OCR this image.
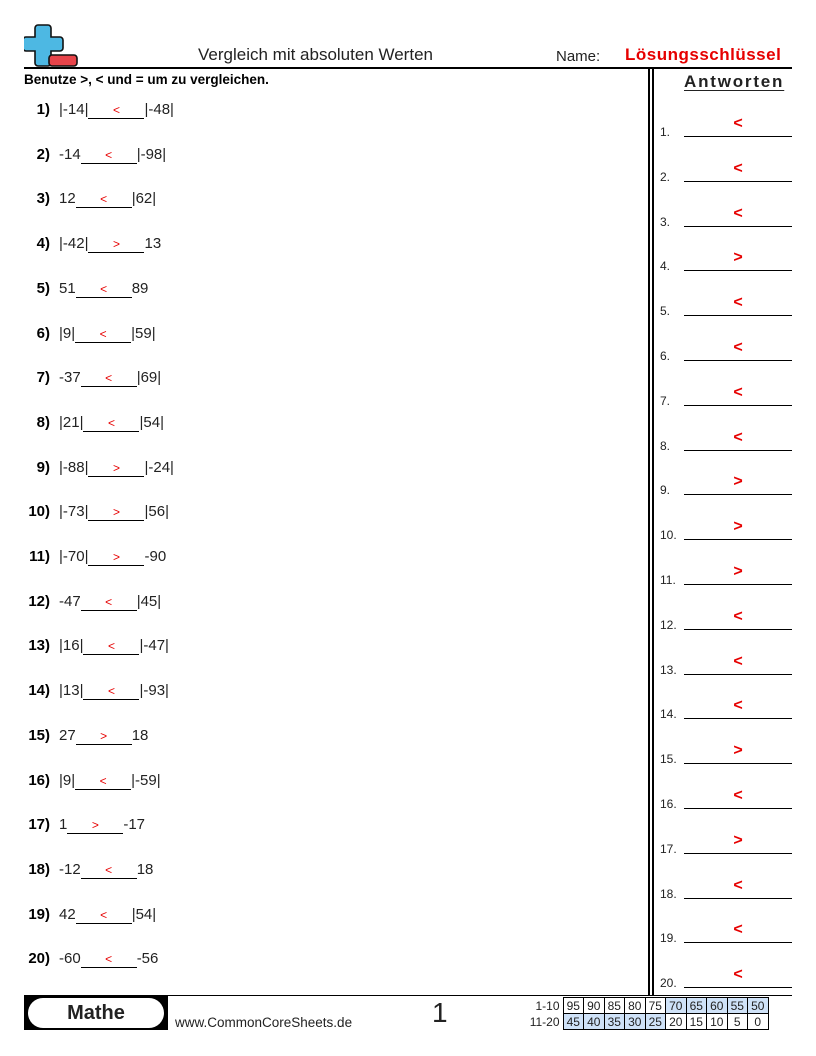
Vergleich mit absoluten Werten	Name: Lösungsschlüssel
Benutze >, < und = um zu vergleichen.	Antworten
1) |-14|	<	|-48|
2) -14	<	|-98|
3) 12	<	|62|
4) |-42|	>	13
5) 51	<	89
6) |9|	<	|59|
7) -37	<	|69|
8) |21|	<	|54|
9) |-88|	>	|-24|
10) |-73|	>	|56|
11) |-70|	>	-90
12) -47	<	|45|
13) |16|	<	|-47|
14) |13|	<	|-93|
15) 27	>	18
16) |9|	<	|-59|
17) 1	>	-17
18) -12	<	18
19) 42	<	|54|
20) -60	<	-56
1.	<
2.	<
3.	<
4.	>
5.	<
6.	<
7.	<
8.	<
9.	>
10.	>
11.	>
12.	<
13.	<
14.	<
15.	>
16.	<
17.	>
18.	<
19.	<
20.	<
Mathe	www.CommonCoreSheets.de	1	1-10	95	90	85	80	75	70	65	60	55	50
11-20	45	40	35	30	25	20	15	10	5	0
